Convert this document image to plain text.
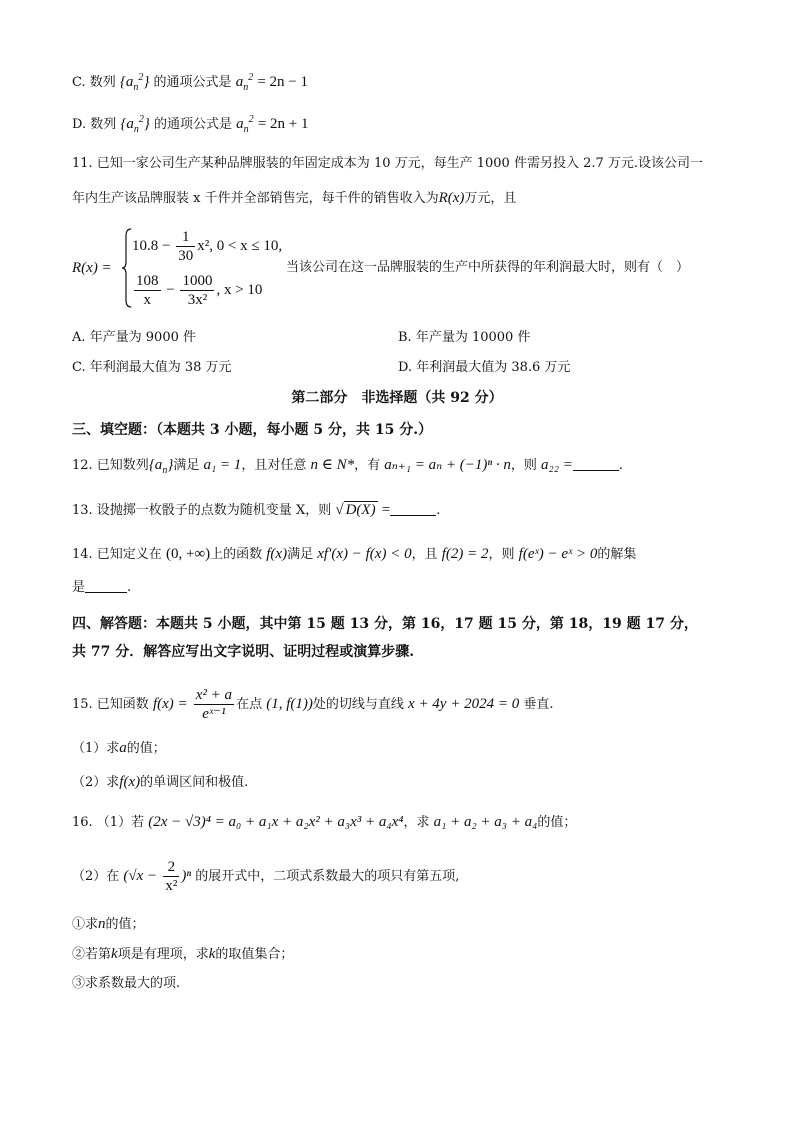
C. 数列 $\{a_n^2\}$ 的通项公式是 $a_n^2 = 2n - 1$
D. 数列 $\{a_n^2\}$ 的通项公式是 $a_n^2 = 2n + 1$
11. 已知一家公司生产某种品牌服装的年固定成本为 10 万元，每生产 1000 件需另投入 2.7 万元.设该公司一
年内生产该品牌服装 x 千件并全部销售完，每千件的销售收入为R(x)万元，且
R(x) =
$10.8 - \frac{1}{30} x^2$, 0 < x ≤ 10,
$\frac{108}{x} - \frac{1000}{\text{3x²}}$ , x > 10
当该公司在这一品牌服装的生产中所获得的年利润最大时，则有（　）
A. 年产量为 9000 件	B. 年产量为 10000 件
C. 年利润最大值为 38 万元	D. 年利润最大值为 38.6 万元
第二部分　非选择题（共 92 分）
三、填空题：（本题共 3 小题，每小题 5 分，共 15 分.）
12. 已知数列$\{a_n\}$满足 a₁ = 1，且对任意 n ∈ N*，有 aₙ₊₁ = aₙ + (−1)ⁿ · n，则 a₂₂ =	.
13. 设抛掷一枚骰子的点数为随机变量 X，则 √ D(X) =	.
14. 已知定义在 (0, +∞)上的函数 f(x)满足 xf′(x) − f(x) < 0，且 f(2) = 2，则 f(eˣ) − eˣ > 0的解集
是	.
四、解答题：本题共 5 小题，其中第 15 题 13 分，第 16，17 题 15 分，第 18，19 题 17 分，
共 77 分．解答应写出文字说明、证明过程或演算步骤.
15. 已知函数 $f(x) = \frac{\text{x² + a}}{\text{eˣ⁻¹}}$ 在点 (1, f(1))处的切线与直线 x + 4y + 2024 = 0 垂直.
（1）求a的值；
（2）求f(x)的单调区间和极值.
16. （1）若 (2x − √3)⁴ = a₀ + a₁x + a₂x² + a₃x³ + a₄x⁴，求 a₁ + a₂ + a₃ + a₄的值；
（2）在 $(√x - \frac{2}{\text{x²}} )^n$ 的展开式中，二项式系数最大的项只有第五项,
①求n的值；
②若第k项是有理项，求k的取值集合；
③求系数最大的项.
